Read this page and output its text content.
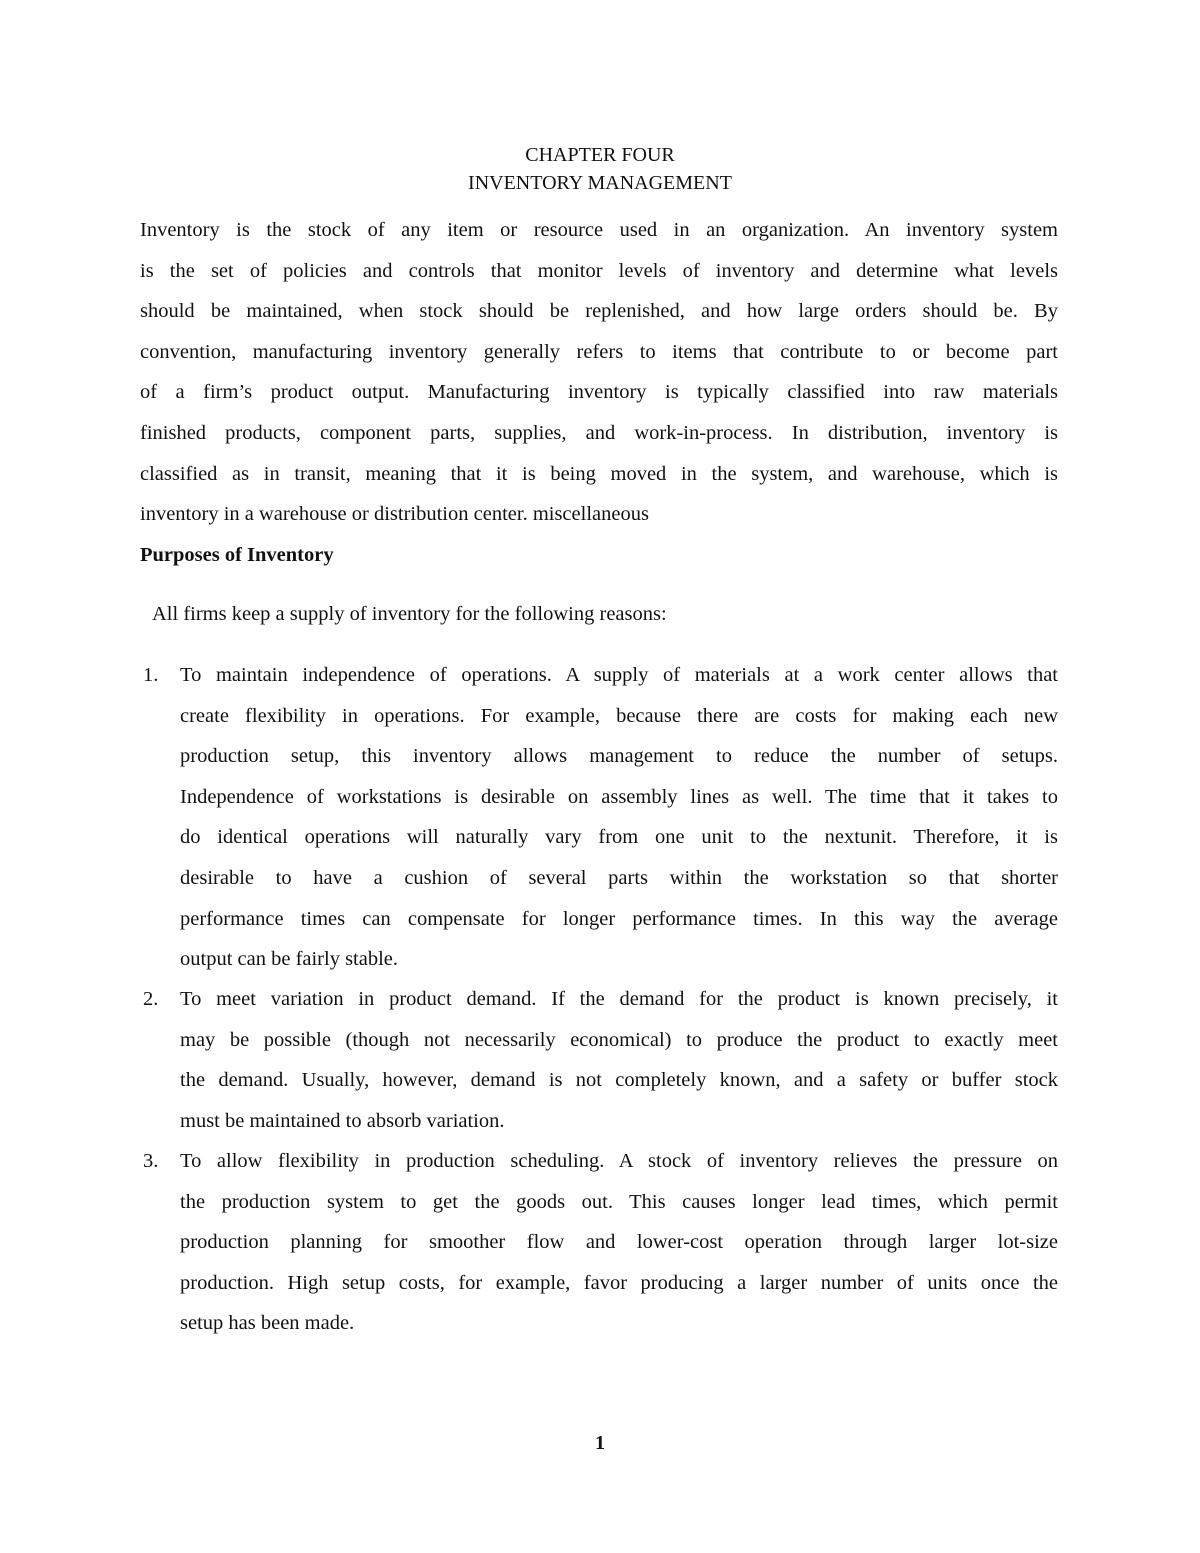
CHAPTER FOUR
INVENTORY MANAGEMENT
Inventory is the stock of any item or resource used in an organization. An inventory system
is the set of policies and controls that monitor levels of inventory and determine what levels
should be maintained, when stock should be replenished, and how large orders should be. By
convention, manufacturing inventory generally refers to items that contribute to or become part
of a firm’s product output. Manufacturing inventory is typically classified into raw materials
finished products, component parts, supplies, and work-in-process. In distribution, inventory is
classified as in transit, meaning that it is being moved in the system, and warehouse, which is
inventory in a warehouse or distribution center. miscellaneous
Purposes of Inventory
All firms keep a supply of inventory for the following reasons:
1. To maintain independence of operations. A supply of materials at a work center allows that
create flexibility in operations. For example, because there are costs for making each new
production setup, this inventory allows management to reduce the number of setups.
Independence of workstations is desirable on assembly lines as well. The time that it takes to
do identical operations will naturally vary from one unit to the nextunit. Therefore, it is
desirable to have a cushion of several parts within the workstation so that shorter
performance times can compensate for longer performance times. In this way the average
output can be fairly stable.
2. To meet variation in product demand. If the demand for the product is known precisely, it
may be possible (though not necessarily economical) to produce the product to exactly meet
the demand. Usually, however, demand is not completely known, and a safety or buffer stock
must be maintained to absorb variation.
3. To allow flexibility in production scheduling. A stock of inventory relieves the pressure on
the production system to get the goods out. This causes longer lead times, which permit
production planning for smoother flow and lower-cost operation through larger lot-size
production. High setup costs, for example, favor producing a larger number of units once the
setup has been made.
1
